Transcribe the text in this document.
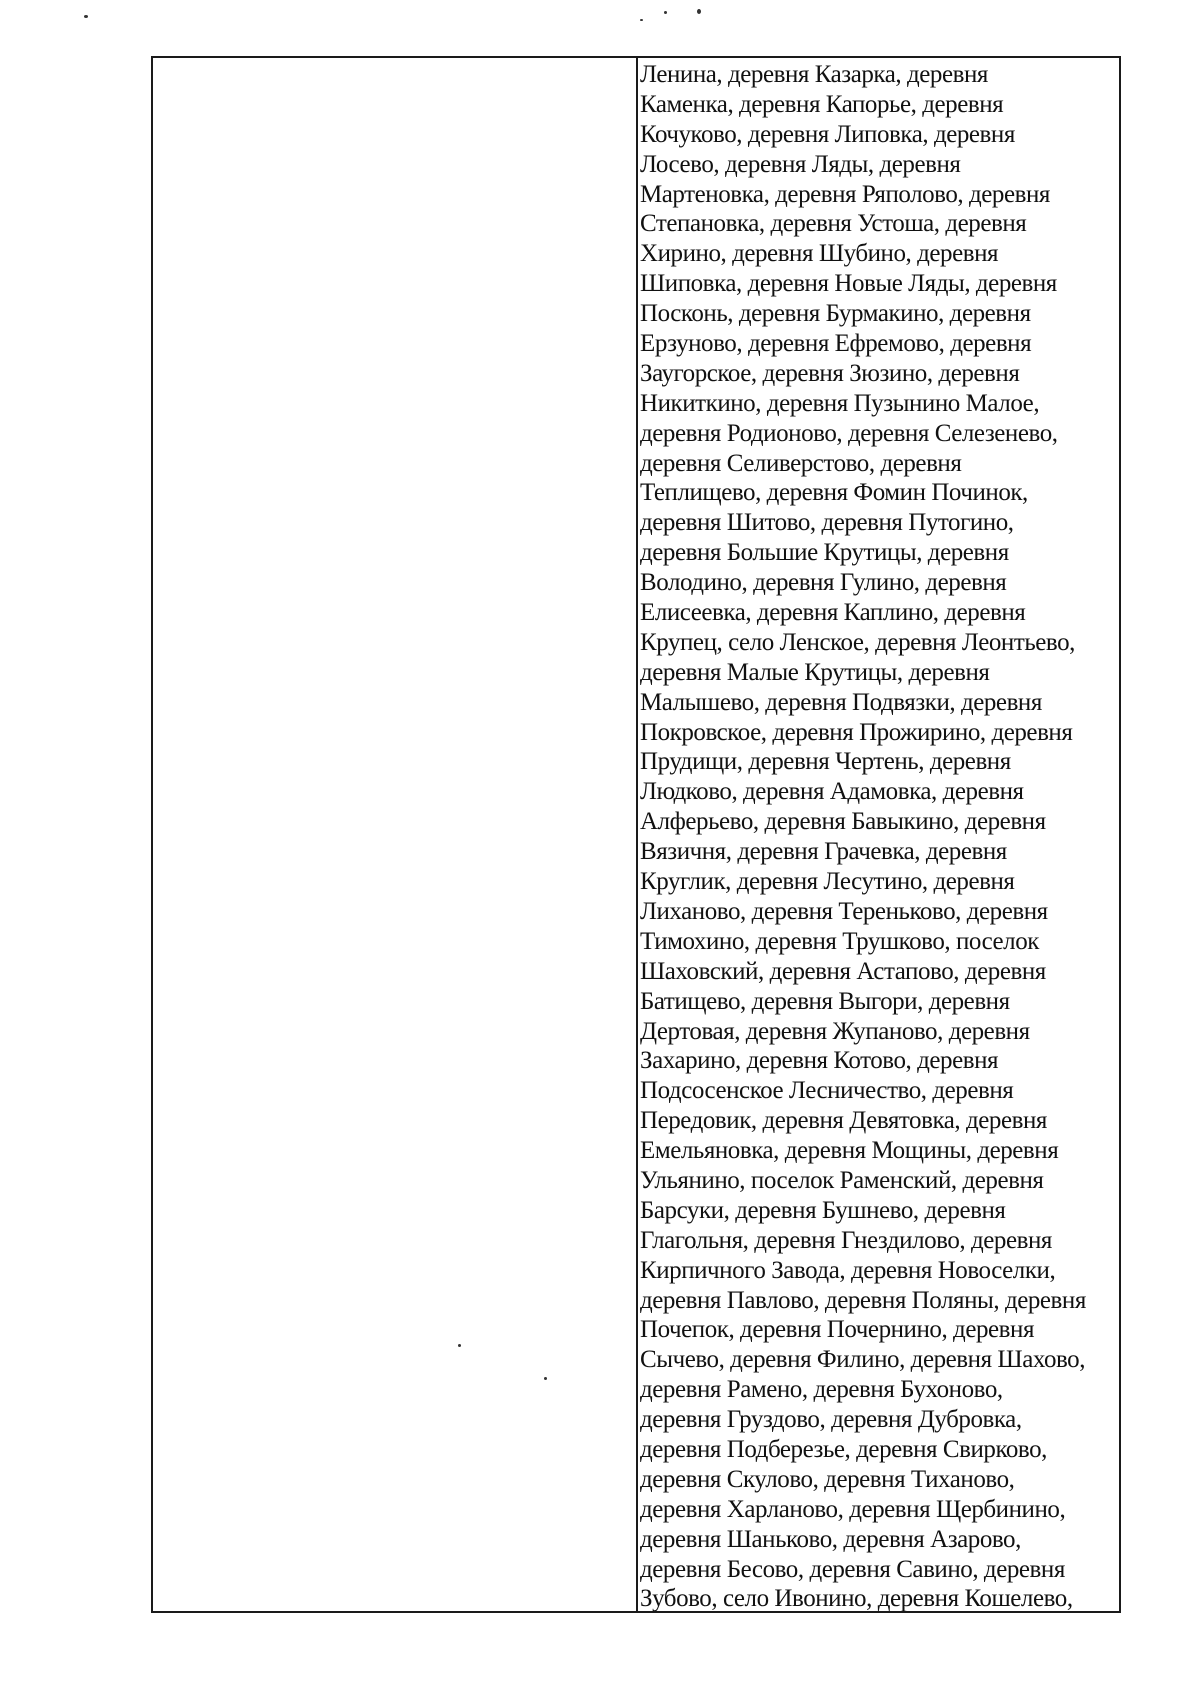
Ленина, деревня Казарка, деревня
Каменка, деревня Капорье, деревня
Кочуково, деревня Липовка, деревня
Лосево, деревня Ляды, деревня
Мартеновка, деревня Ряполово, деревня
Степановка, деревня Устоша, деревня
Хирино, деревня Шубино, деревня
Шиповка, деревня Новые Ляды, деревня
Посконь, деревня Бурмакино, деревня
Ерзуново, деревня Ефремово, деревня
Заугорское, деревня Зюзино, деревня
Никиткино, деревня Пузынино Малое,
деревня Родионово, деревня Селезенево,
деревня Селиверстово, деревня
Теплищево, деревня Фомин Починок,
деревня Шитово, деревня Путогино,
деревня Большие Крутицы, деревня
Володино, деревня Гулино, деревня
Елисеевка, деревня Каплино, деревня
Крупец, село Ленское, деревня Леонтьево,
деревня Малые Крутицы, деревня
Малышево, деревня Подвязки, деревня
Покровское, деревня Прожирино, деревня
Прудищи, деревня Чертень, деревня
Людково, деревня Адамовка, деревня
Алферьево, деревня Бавыкино, деревня
Вязичня, деревня Грачевка, деревня
Круглик, деревня Лесутино, деревня
Лиханово, деревня Тереньково, деревня
Тимохино, деревня Трушково, поселок
Шаховский, деревня Астапово, деревня
Батищево, деревня Выгори, деревня
Дертовая, деревня Жупаново, деревня
Захарино, деревня Котово, деревня
Подсосенское Лесничество, деревня
Передовик, деревня Девятовка, деревня
Емельяновка, деревня Мощины, деревня
Ульянино, поселок Раменский, деревня
Барсуки, деревня Бушнево, деревня
Глагольня, деревня Гнездилово, деревня
Кирпичного Завода, деревня Новоселки,
деревня Павлово, деревня Поляны, деревня
Почепок, деревня Почернино, деревня
Сычево, деревня Филино, деревня Шахово,
деревня Рамено, деревня Бухоново,
деревня Груздово, деревня Дубровка,
деревня Подберезье, деревня Свирково,
деревня Скулово, деревня Тиханово,
деревня Харланово, деревня Щербинино,
деревня Шаньково, деревня Азарово,
деревня Бесово, деревня Савино, деревня
Зубово, село Ивонино, деревня Кошелево,
